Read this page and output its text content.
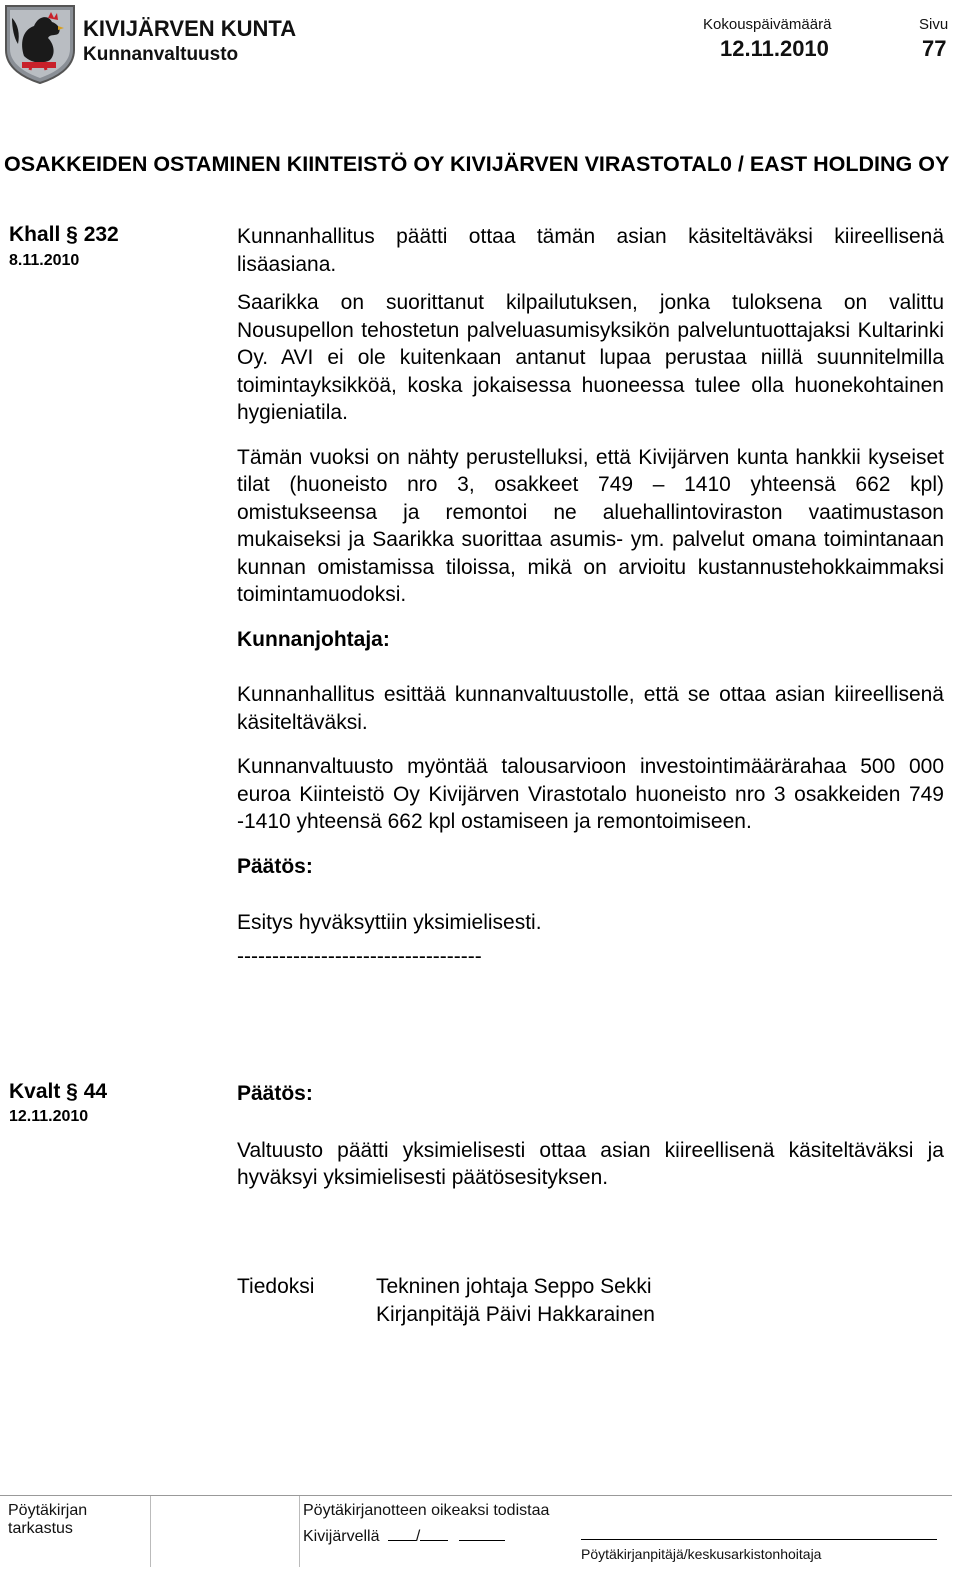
KIVIJÄRVEN KUNTA
Kunnanvaltuusto
Kokouspäivämäärä
12.11.2010
Sivu
77
OSAKKEIDEN OSTAMINEN KIINTEISTÖ OY KIVIJÄRVEN VIRASTOTAL0 / EAST HOLDING OY
Khall § 232
8.11.2010

Kunnanhallitus päätti ottaa tämän asian käsiteltäväksi kiireellisenä lisäasiana.

Saarikka on suorittanut kilpailutuksen, jonka tuloksena on valittu Nousupellon tehostetun palveluasumisyksikön palveluntuottajaksi Kultarinki Oy. AVI ei ole kuitenkaan antanut lupaa perustaa niillä suunnitelmilla toimintayksikköä, koska jokaisessa huoneessa tulee olla huonekohtainen hygieniatila.

Tämän vuoksi on nähty perustelluksi, että Kivijärven kunta hankkii kyseiset tilat (huoneisto nro 3, osakkeet 749 – 1410 yhteensä 662 kpl) omistukseensa ja remontoi ne aluehallintoviraston vaatimustason mukaiseksi ja Saarikka suorittaa asumis- ym. palvelut omana toimintanaan kunnan omistamissa tiloissa, mikä on arvioitu kustannustehokkaimmaksi toimintamuodoksi.

Kunnanjohtaja:

Kunnanhallitus esittää kunnanvaltuustolle, että se ottaa asian kiireellisenä käsiteltäväksi.

Kunnanvaltuusto myöntää talousarvioon investointimäärärahaa 500 000 euroa Kiinteistö Oy Kivijärven Virastotalo huoneisto nro 3 osakkeiden 749 -1410 yhteensä 662 kpl ostamiseen ja remontoimiseen.

Päätös:

Esitys hyväksyttiin yksimielisesti.

-----------------------------------

Kvalt § 44
12.11.2010

Päätös:

Valtuusto päätti yksimielisesti ottaa asian kiireellisenä käsiteltäväksi ja hyväksyi yksimielisesti päätösesityksen.

Tiedoksi	Tekninen johtaja Seppo Sekki
Kirjanpitäjä Päivi Hakkarainen
Pöytäkirjan tarkastus
Pöytäkirjanotteen oikeaksi todistaa
Kivijärvellä /
Pöytäkirjanpitäjä/keskusarkistonhoitaja
